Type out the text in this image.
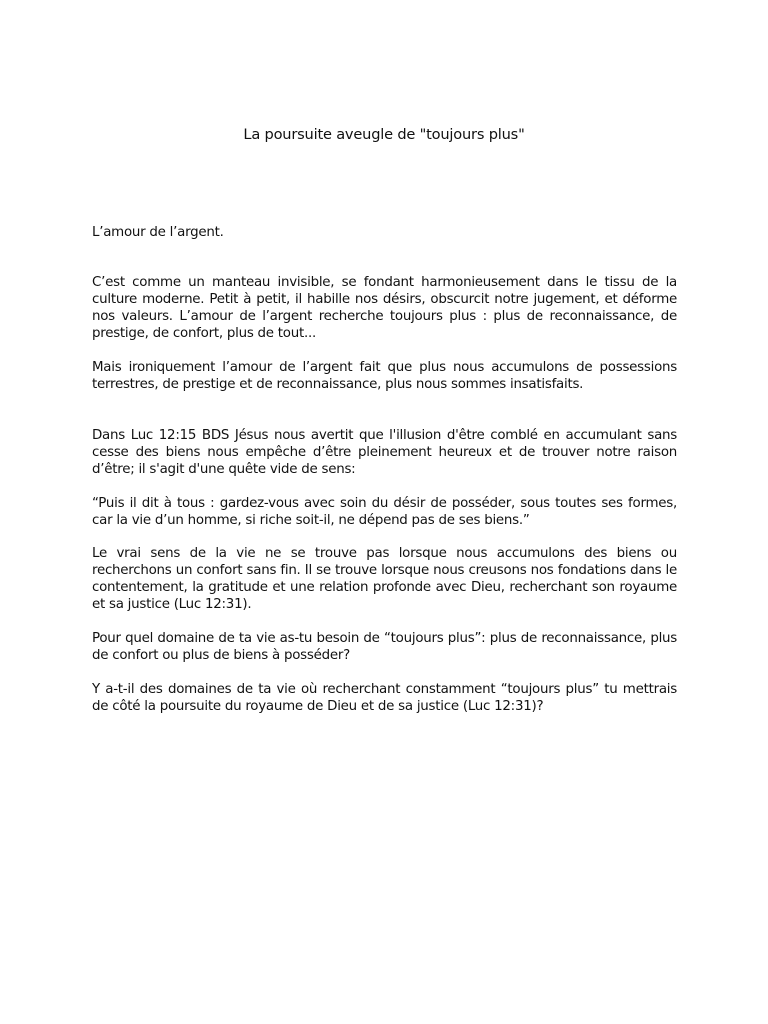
La poursuite aveugle de "toujours plus"

L’amour de l’argent.

C’est comme un manteau invisible, se fondant harmonieusement dans le tissu de la culture moderne. Petit à petit, il habille nos désirs, obscurcit notre jugement, et déforme nos valeurs. L’amour de l’argent recherche toujours plus : plus de reconnaissance, de prestige, de confort, plus de tout...

Mais ironiquement l’amour de l’argent fait que plus nous accumulons de possessions terrestres, de prestige et de reconnaissance, plus nous sommes insatisfaits.

Dans Luc 12:15 BDS Jésus nous avertit que l'illusion d'être comblé en accumulant sans cesse des biens nous empêche d’être pleinement heureux et de trouver notre raison d’être; il s'agit d'une quête vide de sens:

“Puis il dit à tous : gardez-vous avec soin du désir de posséder, sous toutes ses formes, car la vie d’un homme, si riche soit-il, ne dépend pas de ses biens.”

Le vrai sens de la vie ne se trouve pas lorsque nous accumulons des biens ou recherchons un confort sans fin. Il se trouve lorsque nous creusons nos fondations dans le contentement, la gratitude et une relation profonde avec Dieu, recherchant son royaume et sa justice (Luc 12:31).

Pour quel domaine de ta vie as-tu besoin de “toujours plus”: plus de reconnaissance, plus de confort ou plus de biens à posséder?

Y a-t-il des domaines de ta vie où recherchant constamment “toujours plus” tu mettrais de côté la poursuite du royaume de Dieu et de sa justice (Luc 12:31)?
